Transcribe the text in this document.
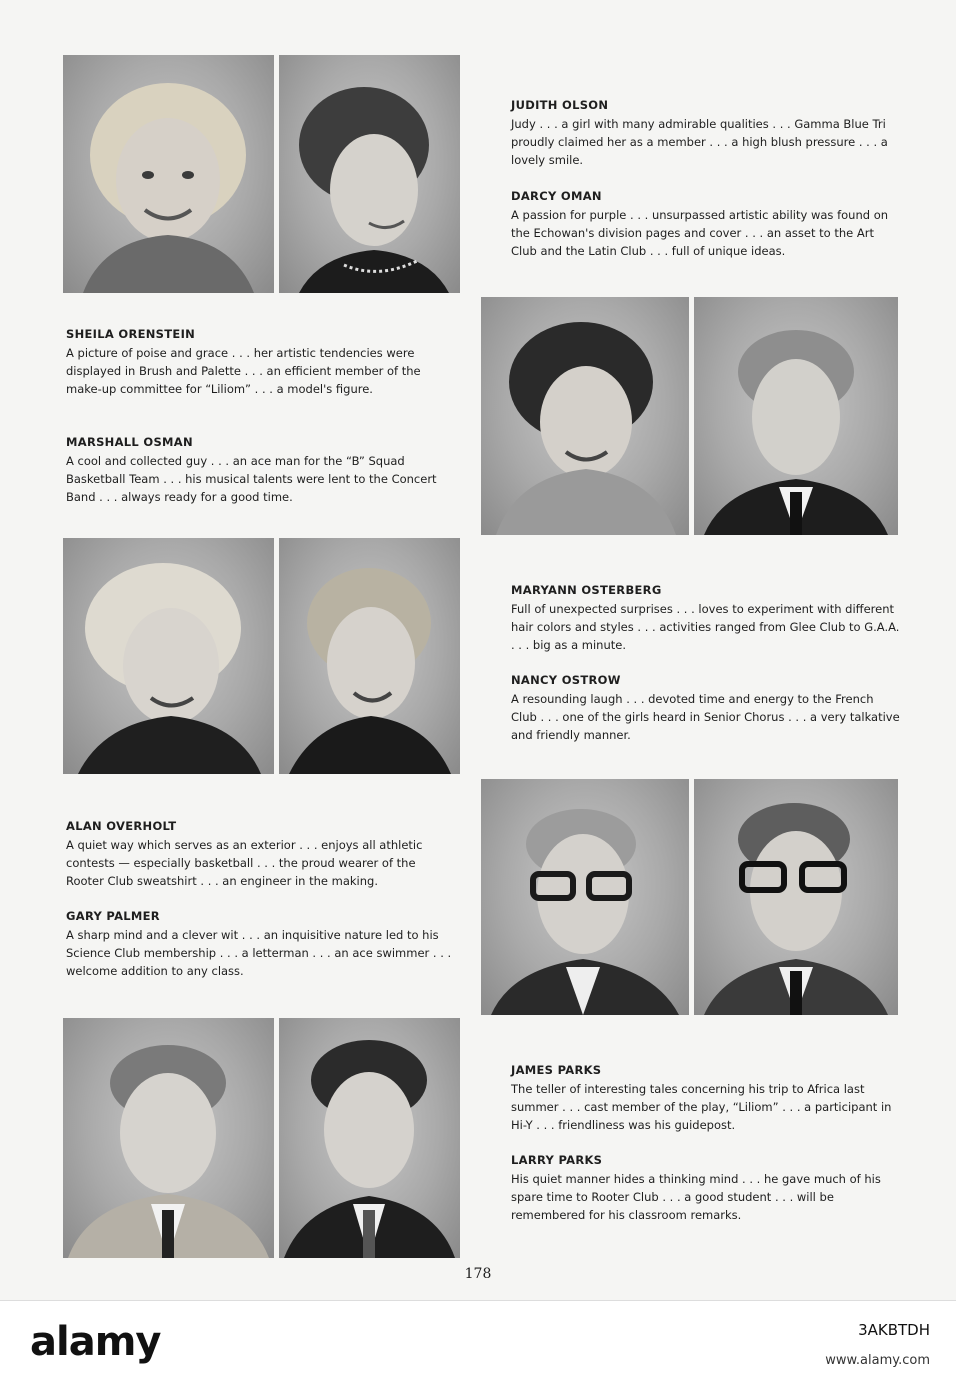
JUDITH OLSON

Judy . . . a girl with many admirable qualities . . . Gamma Blue Tri proudly claimed her as a member . . . a high blush pressure . . . a lovely smile.

DARCY OMAN

A passion for purple . . . unsurpassed artistic ability was found on the Echowan's division pages and cover . . . an asset to the Art Club and the Latin Club . . . full of unique ideas.

SHEILA ORENSTEIN

A picture of poise and grace . . . her artistic tendencies were displayed in Brush and Palette . . . an efficient member of the make-up committee for “Liliom” . . . a model's figure.

MARSHALL OSMAN

A cool and collected guy . . . an ace man for the “B” Squad Basketball Team . . . his musical talents were lent to the Concert Band . . . always ready for a good time.

MARYANN OSTERBERG

Full of unexpected surprises . . . loves to experiment with different hair colors and styles . . . activities ranged from Glee Club to G.A.A. . . . big as a minute.

NANCY OSTROW

A resounding laugh . . . devoted time and energy to the French Club . . . one of the girls heard in Senior Chorus . . . a very talkative and friendly manner.

ALAN OVERHOLT

A quiet way which serves as an exterior . . . enjoys all athletic contests — especially basketball . . . the proud wearer of the Rooter Club sweatshirt . . . an engineer in the making.

GARY PALMER

A sharp mind and a clever wit . . . an inquisitive nature led to his Science Club membership . . . a letterman . . . an ace swimmer . . . welcome addition to any class.

JAMES PARKS

The teller of interesting tales concerning his trip to Africa last summer . . . cast member of the play, “Liliom” . . . a participant in Hi-Y . . . friendliness was his guidepost.

LARRY PARKS

His quiet manner hides a thinking mind . . . he gave much of his spare time to Rooter Club . . . a good student . . . will be remembered for his classroom remarks.

178
alamy	3AKBTDH
www.alamy.com
